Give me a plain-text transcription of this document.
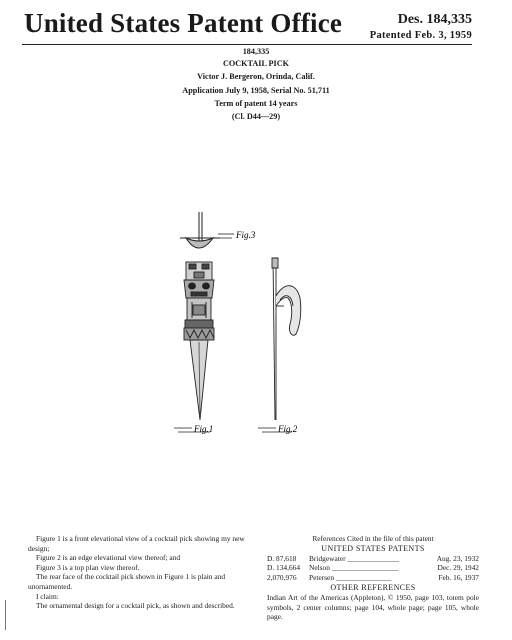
United States Patent Office	Des. 184,335
Patented Feb. 3, 1959
184,335
COCKTAIL PICK
Victor J. Bergeron, Orinda, Calif.
Application July 9, 1958, Serial No. 51,711
Term of patent 14 years
(Cl. D44—29)
Fig.3
Fig.1	Fig.2

Figure 1 is a front elevational view of a cocktail pick showing my new design;

Figure 2 is an edge elevational view thereof; and

Figure 3 is a top plan view thereof.

The rear face of the cocktail pick shown in Figure 1 is plain and unornamented.

I claim:

The ornamental design for a cocktail pick, as shown and described.

References Cited in the file of this patent
UNITED STATES PATENTS
D. 87,618	Bridgewater ______________	Aug. 23, 1932
D. 134,664	Nelson __________________	Dec. 29, 1942
2,070,976	Petersen _______________	Feb. 16, 1937
OTHER REFERENCES
Indian Art of the Americas (Appleton), © 1950, page 103, totem pole symbols, 2 center columns; page 104, whole page; page 105, whole page.
